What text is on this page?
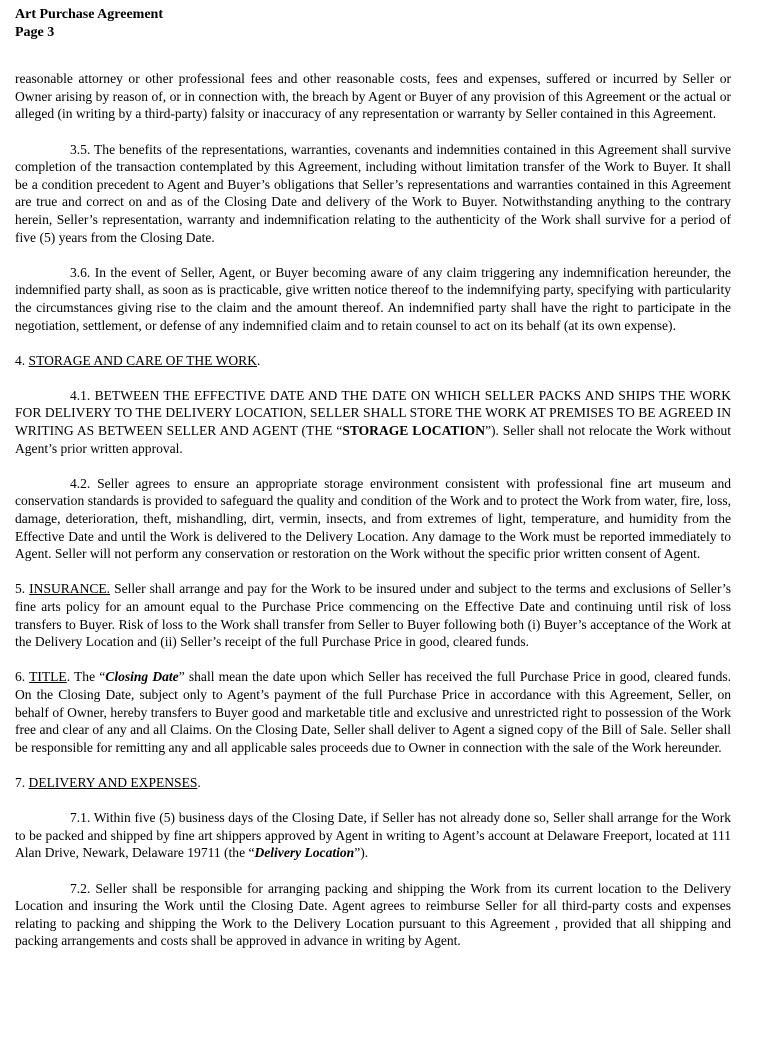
Art Purchase Agreement
Page 3

reasonable attorney or other professional fees and other reasonable costs, fees and expenses, suffered or incurred by Seller or Owner arising by reason of, or in connection with, the breach by Agent or Buyer of any provision of this Agreement or the actual or alleged (in writing by a third-party) falsity or inaccuracy of any representation or warranty by Seller contained in this Agreement.

3.5. The benefits of the representations, warranties, covenants and indemnities contained in this Agreement shall survive completion of the transaction contemplated by this Agreement, including without limitation transfer of the Work to Buyer. It shall be a condition precedent to Agent and Buyer’s obligations that Seller’s representations and warranties contained in this Agreement are true and correct on and as of the Closing Date and delivery of the Work to Buyer. Notwithstanding anything to the contrary herein, Seller’s representation, warranty and indemnification relating to the authenticity of the Work shall survive for a period of five (5) years from the Closing Date.

3.6. In the event of Seller, Agent, or Buyer becoming aware of any claim triggering any indemnification hereunder, the indemnified party shall, as soon as is practicable, give written notice thereof to the indemnifying party, specifying with particularity the circumstances giving rise to the claim and the amount thereof. An indemnified party shall have the right to participate in the negotiation, settlement, or defense of any indemnified claim and to retain counsel to act on its behalf (at its own expense).

4. STORAGE AND CARE OF THE WORK.

4.1. BETWEEN THE EFFECTIVE DATE AND THE DATE ON WHICH SELLER PACKS AND SHIPS THE WORK FOR DELIVERY TO THE DELIVERY LOCATION, SELLER SHALL STORE THE WORK AT PREMISES TO BE AGREED IN WRITING AS BETWEEN SELLER AND AGENT (THE “STORAGE LOCATION”). Seller shall not relocate the Work without Agent’s prior written approval.

4.2. Seller agrees to ensure an appropriate storage environment consistent with professional fine art museum and conservation standards is provided to safeguard the quality and condition of the Work and to protect the Work from water, fire, loss, damage, deterioration, theft, mishandling, dirt, vermin, insects, and from extremes of light, temperature, and humidity from the Effective Date and until the Work is delivered to the Delivery Location. Any damage to the Work must be reported immediately to Agent. Seller will not perform any conservation or restoration on the Work without the specific prior written consent of Agent.

5. INSURANCE. Seller shall arrange and pay for the Work to be insured under and subject to the terms and exclusions of Seller’s fine arts policy for an amount equal to the Purchase Price commencing on the Effective Date and continuing until risk of loss transfers to Buyer. Risk of loss to the Work shall transfer from Seller to Buyer following both (i) Buyer’s acceptance of the Work at the Delivery Location and (ii) Seller’s receipt of the full Purchase Price in good, cleared funds.

6. TITLE. The “Closing Date” shall mean the date upon which Seller has received the full Purchase Price in good, cleared funds. On the Closing Date, subject only to Agent’s payment of the full Purchase Price in accordance with this Agreement, Seller, on behalf of Owner, hereby transfers to Buyer good and marketable title and exclusive and unrestricted right to possession of the Work free and clear of any and all Claims. On the Closing Date, Seller shall deliver to Agent a signed copy of the Bill of Sale. Seller shall be responsible for remitting any and all applicable sales proceeds due to Owner in connection with the sale of the Work hereunder.

7. DELIVERY AND EXPENSES.

7.1. Within five (5) business days of the Closing Date, if Seller has not already done so, Seller shall arrange for the Work to be packed and shipped by fine art shippers approved by Agent in writing to Agent’s account at Delaware Freeport, located at 111 Alan Drive, Newark, Delaware 19711 (the “Delivery Location”).

7.2. Seller shall be responsible for arranging packing and shipping the Work from its current location to the Delivery Location and insuring the Work until the Closing Date. Agent agrees to reimburse Seller for all third-party costs and expenses relating to packing and shipping the Work to the Delivery Location pursuant to this Agreement , provided that all shipping and packing arrangements and costs shall be approved in advance in writing by Agent.
